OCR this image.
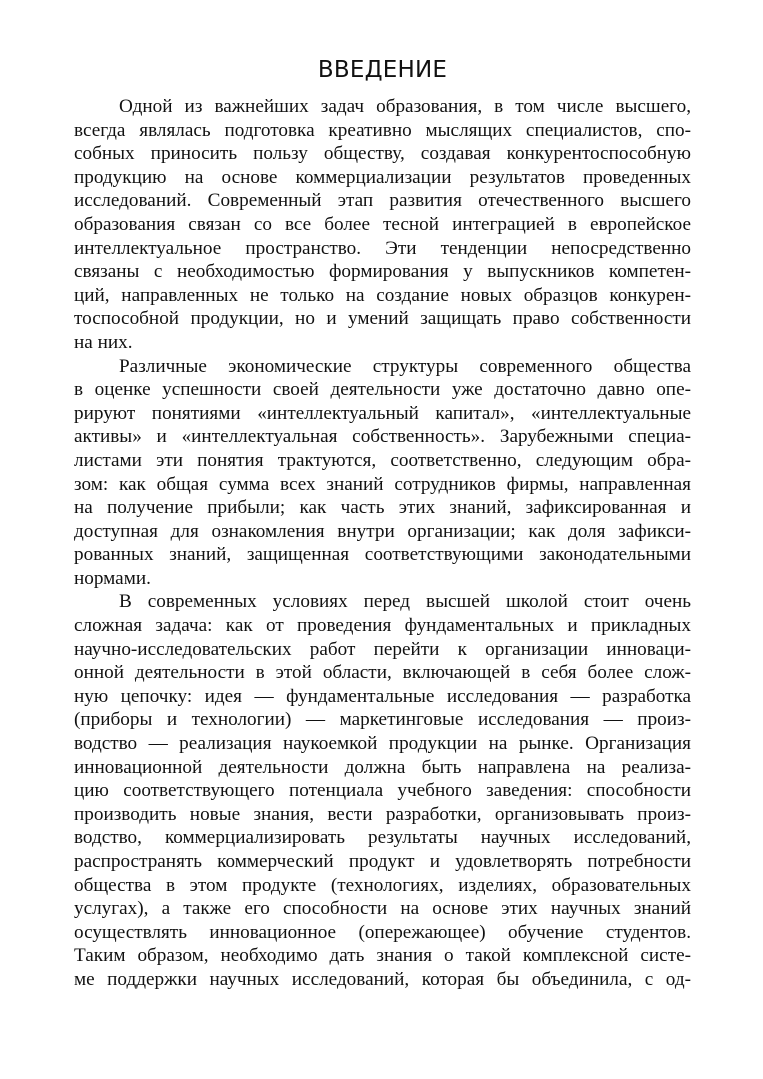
ВВЕДЕНИЕ

Одной из важнейших задач образования, в том числе высшего,
всегда являлась подготовка креативно мыслящих специалистов, спо-
собных приносить пользу обществу, создавая конкурентоспособную
продукцию на основе коммерциализации результатов проведенных
исследований. Современный этап развития отечественного высшего
образования связан со все более тесной интеграцией в европейское
интеллектуальное пространство. Эти тенденции непосредственно
связаны с необходимостью формирования у выпускников компетен-
ций, направленных не только на создание новых образцов конкурен-
тоспособной продукции, но и умений защищать право собственности
на них.

Различные экономические структуры современного общества
в оценке успешности своей деятельности уже достаточно давно опе-
рируют понятиями «интеллектуальный капитал», «интеллектуальные
активы» и «интеллектуальная собственность». Зарубежными специа-
листами эти понятия трактуются, соответственно, следующим обра-
зом: как общая сумма всех знаний сотрудников фирмы, направленная
на получение прибыли; как часть этих знаний, зафиксированная и
доступная для ознакомления внутри организации; как доля зафикси-
рованных знаний, защищенная соответствующими законодательными
нормами.

В современных условиях перед высшей школой стоит очень
сложная задача: как от проведения фундаментальных и прикладных
научно-исследовательских работ перейти к организации инноваци-
онной деятельности в этой области, включающей в себя более слож-
ную цепочку: идея — фундаментальные исследования — разработка
(приборы и технологии) — маркетинговые исследования — произ-
водство — реализация наукоемкой продукции на рынке. Организация
инновационной деятельности должна быть направлена на реализа-
цию соответствующего потенциала учебного заведения: способности
производить новые знания, вести разработки, организовывать произ-
водство, коммерциализировать результаты научных исследований,
распространять коммерческий продукт и удовлетворять потребности
общества в этом продукте (технологиях, изделиях, образовательных
услугах), а также его способности на основе этих научных знаний
осуществлять инновационное (опережающее) обучение студентов.
Таким образом, необходимо дать знания о такой комплексной систе-
ме поддержки научных исследований, которая бы объединила, с од-
